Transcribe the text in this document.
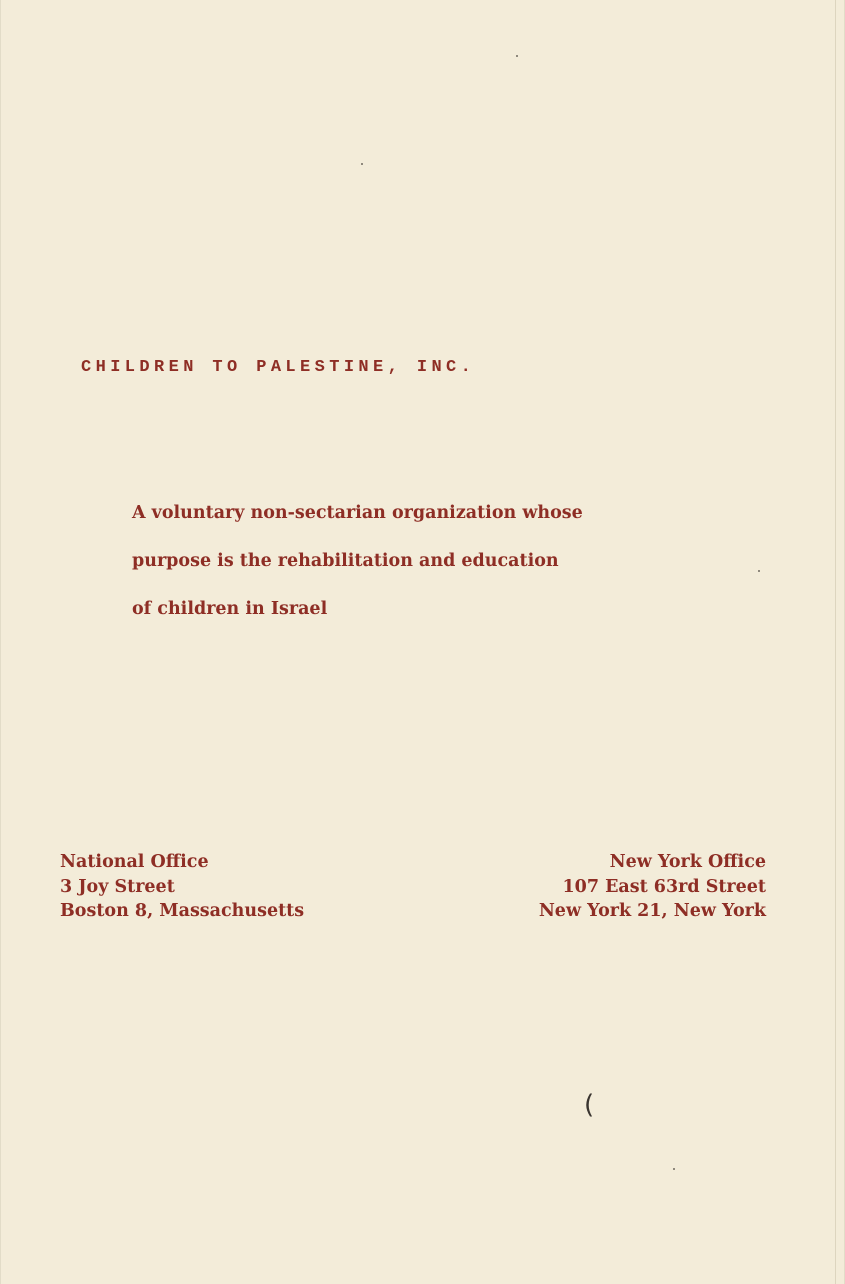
CHILDREN TO PALESTINE, INC.
A voluntary non-sectarian organization whose
purpose is the rehabilitation and education
of children in Israel
National Office
3 Joy Street
Boston 8, Massachusetts
New York Office
107 East 63rd Street
New York 21, New York
(
